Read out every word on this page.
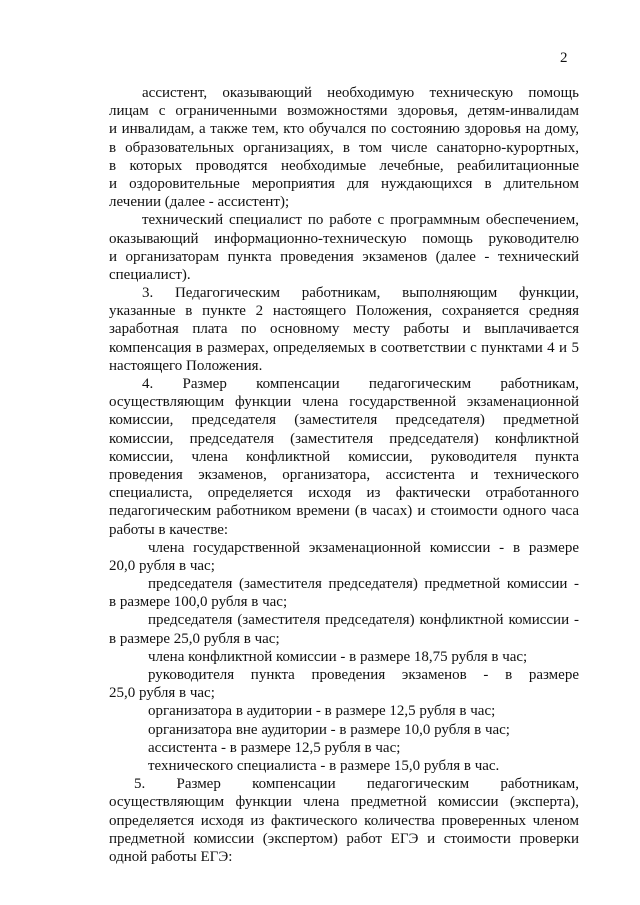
2
ассистент, оказывающий необходимую техническую помощь
лицам с ограниченными возможностями здоровья, детям-инвалидам
и инвалидам, а также тем, кто обучался по состоянию здоровья на дому,
в образовательных организациях, в том числе санаторно-курортных,
в которых проводятся необходимые лечебные, реабилитационные
и оздоровительные мероприятия для нуждающихся в длительном
лечении (далее - ассистент);
технический специалист по работе с программным обеспечением,
оказывающий информационно-техническую помощь руководителю
и организаторам пункта проведения экзаменов (далее - технический
специалист).
3. Педагогическим работникам, выполняющим функции,
указанные в пункте 2 настоящего Положения, сохраняется средняя
заработная плата по основному месту работы и выплачивается
компенсация в размерах, определяемых в соответствии с пунктами 4 и 5
настоящего Положения.
4. Размер компенсации педагогическим работникам,
осуществляющим функции члена государственной экзаменационной
комиссии, председателя (заместителя председателя) предметной
комиссии, председателя (заместителя председателя) конфликтной
комиссии, члена конфликтной комиссии, руководителя пункта
проведения экзаменов, организатора, ассистента и технического
специалиста, определяется исходя из фактически отработанного
педагогическим работником времени (в часах) и стоимости одного часа
работы в качестве:
члена государственной экзаменационной комиссии - в размере
20,0 рубля в час;
председателя (заместителя председателя) предметной комиссии -
в размере 100,0 рубля в час;
председателя (заместителя председателя) конфликтной комиссии -
в размере 25,0 рубля в час;
члена конфликтной комиссии - в размере 18,75 рубля в час;
руководителя пункта проведения экзаменов - в размере
25,0 рубля в час;
организатора в аудитории - в размере 12,5 рубля в час;
организатора вне аудитории - в размере 10,0 рубля в час;
ассистента - в размере 12,5 рубля в час;
технического специалиста - в размере 15,0 рубля в час.
5. Размер компенсации педагогическим работникам,
осуществляющим функции члена предметной комиссии (эксперта),
определяется исходя из фактического количества проверенных членом
предметной комиссии (экспертом) работ ЕГЭ и стоимости проверки
одной работы ЕГЭ:
